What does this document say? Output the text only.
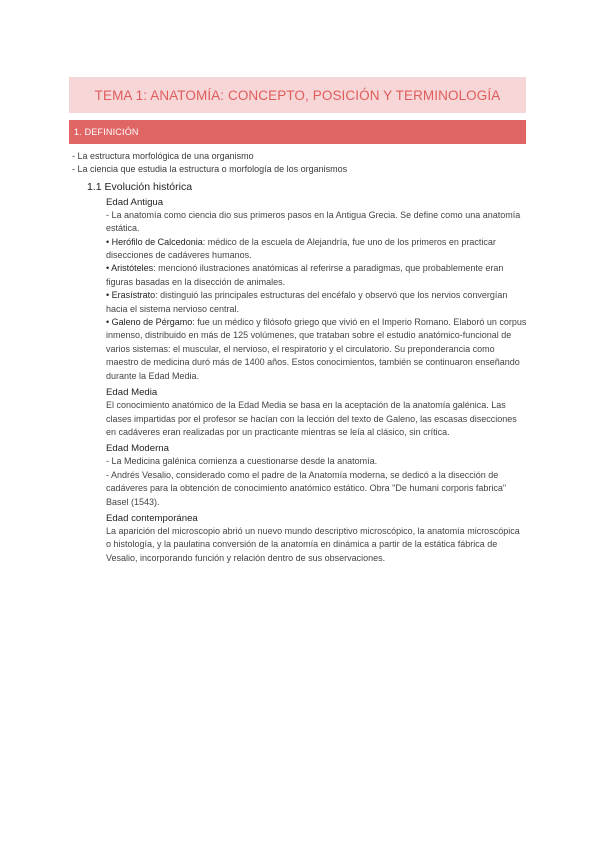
TEMA 1: ANATOMÍA: CONCEPTO, POSICIÓN Y TERMINOLOGÍA
1. DEFINICIÓN
- La estructura morfológica de una organismo
- La ciencia que estudia la estructura o morfología de los organismos
1.1 Evolución histórica
Edad Antigua
- La anatomía como ciencia dio sus primeros pasos en la Antigua Grecia. Se define como una anatomía estática.
• Herófilo de Calcedonia: médico de la escuela de Alejandría, fue uno de los primeros en practicar disecciones de cadáveres humanos.
• Aristóteles: mencionó ilustraciones anatómicas al referirse a paradigmas, que probablemente eran figuras basadas en la disección de animales.
• Erasístrato: distinguió las principales estructuras del encéfalo y observó que los nervios convergían hacia el sistema nervioso central.
• Galeno de Pérgamo: fue un médico y filósofo griego que vivió en el Imperio Romano. Elaboró un corpus inmenso, distribuido en más de 125 volúmenes, que trataban sobre el estudio anatómico-funcional de varios sistemas: el muscular, el nervioso, el respiratorio y el circulatorio. Su preponderancia como maestro de medicina duró más de 1400 años. Estos conocimientos, también se continuaron enseñando durante la Edad Media.
Edad Media
El conocimiento anatómico de la Edad Media se basa en la aceptación de la anatomía galénica. Las clases impartidas por el profesor se hacían con la lección del texto de Galeno, las escasas disecciones en cadáveres eran realizadas por un practicante mientras se leía al clásico, sin crítica.
Edad Moderna
- La Medicina galénica comienza a cuestionarse desde la anatomía.
- Andrés Vesalio, considerado como el padre de la Anatomía moderna, se dedicó a la disección de cadáveres para la obtención de conocimiento anatómico estático. Obra "De humani corporis fabrica" Basel (1543).
Edad contemporánea
La aparición del microscopio abrió un nuevo mundo descriptivo microscópico, la anatomía microscópica o histología, y la paulatina conversión de la anatomía en dinámica a partir de la estática fábrica de Vesalio, incorporando función y relación dentro de sus observaciones.
